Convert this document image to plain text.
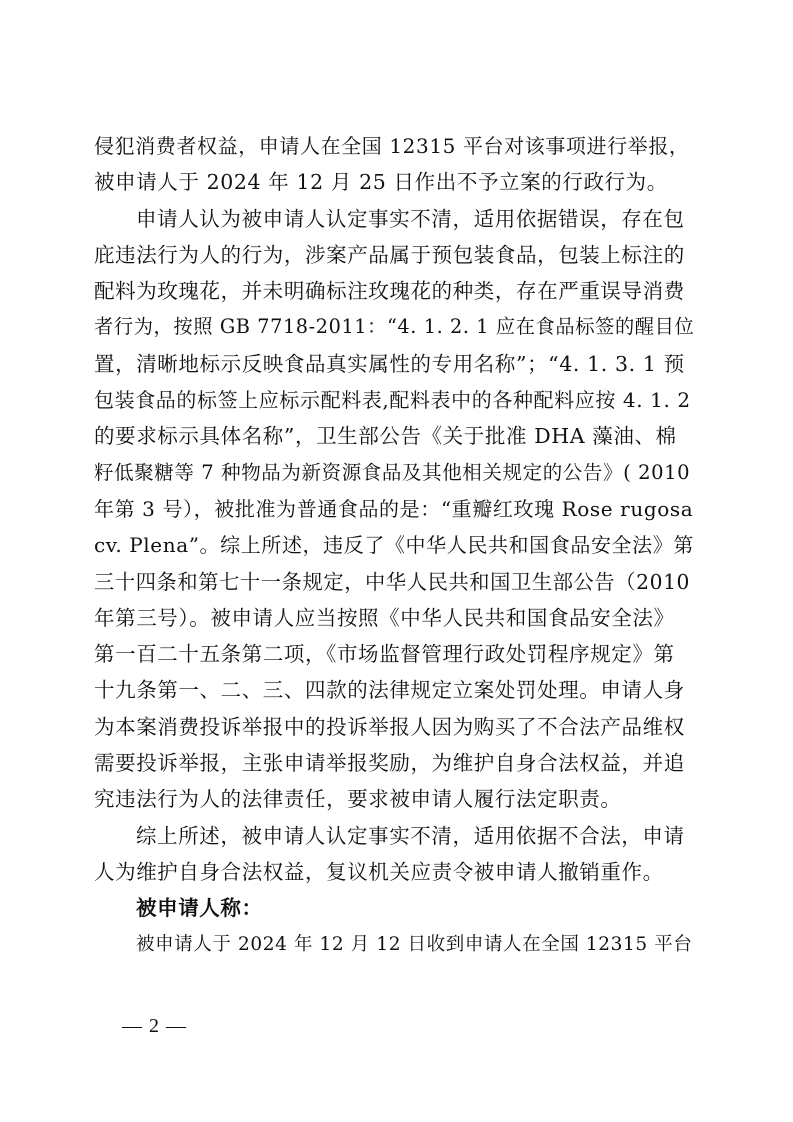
侵犯消费者权益，申请人在全国 12315 平台对该事项进行举报，
被申请人于 2024 年 12 月 25 日作出不予立案的行政行为。
申请人认为被申请人认定事实不清，适用依据错误，存在包
庇违法行为人的行为，涉案产品属于预包装食品，包装上标注的
配料为玫瑰花，并未明确标注玫瑰花的种类，存在严重误导消费
者行为，按照 GB 7718-2011：“4. 1. 2. 1 应在食品标签的醒目位
置，清晰地标示反映食品真实属性的专用名称”；“4. 1. 3. 1 预
包装食品的标签上应标示配料表,配料表中的各种配料应按 4. 1. 2
的要求标示具体名称”，卫生部公告《关于批准 DHA 藻油、棉
籽低聚糖等 7 种物品为新资源食品及其他相关规定的公告》( 2010
年第 3 号），被批准为普通食品的是：“重瓣红玫瑰 Rose rugosa
cv. Plena”。综上所述，违反了《中华人民共和国食品安全法》第
三十四条和第七十一条规定，中华人民共和国卫生部公告（2010
年第三号）。被申请人应当按照《中华人民共和国食品安全法》
第一百二十五条第二项，《市场监督管理行政处罚程序规定》第
十九条第一、二、三、四款的法律规定立案处罚处理。申请人身
为本案消费投诉举报中的投诉举报人因为购买了不合法产品维权
需要投诉举报，主张申请举报奖励，为维护自身合法权益，并追
究违法行为人的法律责任，要求被申请人履行法定职责。
综上所述，被申请人认定事实不清，适用依据不合法，申请
人为维护自身合法权益，复议机关应责令被申请人撤销重作。
被申请人称：
被申请人于 2024 年 12 月 12 日收到申请人在全国 12315 平台
— 2 —
